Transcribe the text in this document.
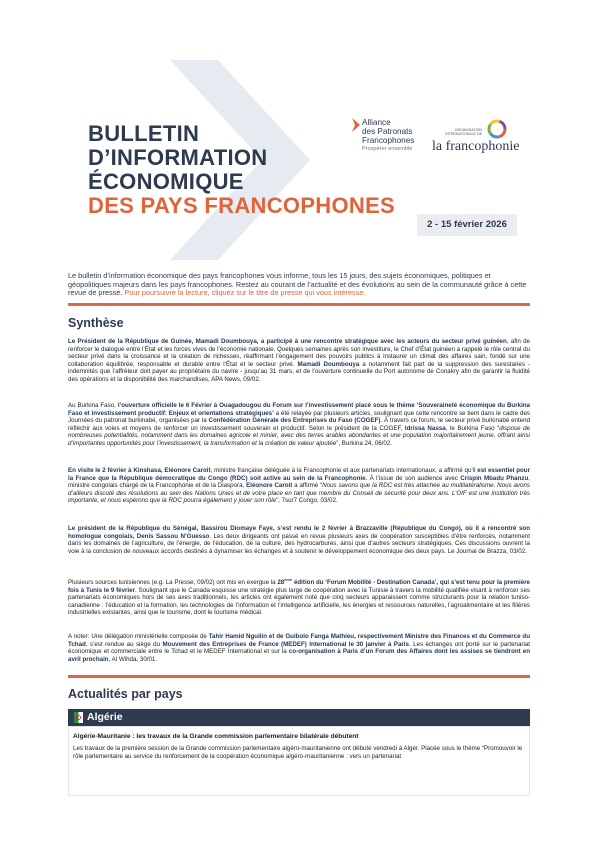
BULLETIN
D’INFORMATION
ÉCONOMIQUE
DES PAYS FRANCOPHONES
Alliance
des Patronats
Francophones
Prospérer ensemble
ORGANISATION
INTERNATIONALE DE
la francophonie
2 - 15 février 2026
Le bulletin d’information économique des pays francophones vous informe, tous les 15 jours, des sujets économiques, politiques et géopolitiques majeurs dans les pays francophones. Restez au courant de l’actualité et des évolutions au sein de la communauté grâce à cette revue de presse. Pour poursuivre la lecture, cliquez sur le titre de presse qui vous intéresse.
Synthèse
Le Président de la République de Guinée, Mamadi Doumbouya, a participé à une rencontre stratégique avec les acteurs du secteur privé guinéen, afin de renforcer le dialogue entre l’État et les forces vives de l’économie nationale. Quelques semaines après son investiture, le Chef d’État guinéen a rappelé le rôle central du secteur privé dans la croissance et la création de richesses, réaffirmant l’engagement des pouvoirs publics à instaurer un climat des affaires sain, fondé sur une collaboration équilibrée, responsable et durable entre l’État et le secteur privé. Mamadi Doumbouya a notamment fait part de la suppression des surestaries - indemnités que l’affréteur doit payer au propriétaire du navire - jusqu’au 31 mars, et de l’ouverture continuelle du Port autonome de Conakry afin de garantir la fluidité des opérations et la disponibilité des marchandises, APA News, 09/02.
Au Burkina Faso, l’ouverture officielle le 6 Février à Ouagadougou du Forum sur l’investissement placé sous le thème ‘Souveraineté économique du Burkina Faso et investissement productif: Enjeux et orientations stratégiques’ a été relayée par plusieurs articles, soulignant que cette rencontre se tient dans le cadre des Journées du patronat burkinabé, organisées par la Confédération Générale des Entreprises du Faso (COGEF). À travers ce forum, le secteur privé burkinabé entend réfléchir aux voies et moyens de renforcer un investissement souverain et productif. Selon le président de la COGEF, Idrissa Nassa, le Burkina Faso “dispose de nombreuses potentialités, notamment dans les domaines agricole et minier, avec des terres arables abondantes et une population majoritairement jeune, offrant ainsi d’importantes opportunités pour l’investissement, la transformation et la création de valeur ajoutée”, Burkina 24, 06/02.
En visite le 2 février à Kinshasa, Eléonore Caroit, ministre française déléguée à la Francophonie et aux partenariats internationaux, a affirmé qu’il est essentiel pour la France que la République démocratique du Congo (RDC) soit active au sein de la Francophonie. À l’issue de son audience avec Crispin Mbadu Phanzu, ministre congolais chargé de la Francophonie et de la Diaspora, Eléonore Caroit a affirmé “Nous savons que la RDC est très attachée au multilatéralisme. Nous avons d’ailleurs discuté des résolutions au sein des Nations Unies et de votre place en tant que membre du Conseil de sécurité pour deux ans. L’OIF est une institution très importante, et nous espérons que la RDC pourra également y jouer son rôle”, 7sur7 Congo, 03/02.
Le président de la République du Sénégal, Bassirou Diomaye Faye, s’est rendu le 2 février à Brazzaville (République du Congo), où il a rencontré son homologue congolais, Denis Sassou N’Guesso. Les deux dirigeants ont passé en revue plusieurs axes de coopération susceptibles d’être renforcés, notamment dans les domaines de l’agriculture, de l’énergie, de l’éducation, de la culture, des hydrocarbures, ainsi que d’autres secteurs stratégiques. Ces discussions ouvrent la voie à la conclusion de nouveaux accords destinés à dynamiser les échanges et à soutenir le développement économique des deux pays. Le Journal de Brazza, 03/02.
Plusieurs sources tunisiennes (e.g. La Presse, 09/02) ont mis en exergue la 28ème édition du ‘Forum Mobilité - Destination Canada’, qui s’est tenu pour la première fois à Tunis le 9 février. Soulignant que le Canada esquisse une stratégie plus large de coopération avec la Tunisie à travers la mobilité qualifiée visant à renforcer ses partenariats économiques hors de ses axes traditionnels, les articles ont également noté que cinq secteurs apparaissent comme structurants pour la relation tuniso-canadienne : l’éducation et la formation, les technologies de l’information et l’intelligence artificielle, les énergies et ressources naturelles, l’agroalimentaire et les filières industrielles existantes, ainsi que le tourisme, dont le tourisme médical.
A noter: Une délégation ministérielle composée de Tahir Hamid Nguilin et de Guibolo Fanga Mathieu, respectivement Ministre des Finances et du Commerce du Tchad, s’est rendue au siège du Mouvement des Entreprises de France (MEDEF) International le 30 janvier à Paris. Les échanges ont porté sur le partenariat économique et commerciale entre le Tchad et le MEDEF International et sur la co-organisation à Paris d’un Forum des Affaires dont les assises se tiendront en avril prochain, Al Wihda, 30/01.
Actualités par pays
Algérie
Algérie-Mauritanie : les travaux de la Grande commission parlementaire bilatérale débutent
Les travaux de la première session de la Grande commission parlementaire algéro-mauritanienne ont débuté vendredi à Alger. Placée sous le thème “Promouvoir le rôle parlementaire au service du renforcement de la coopération économique algéro-mauritanienne : vers un partenariat
